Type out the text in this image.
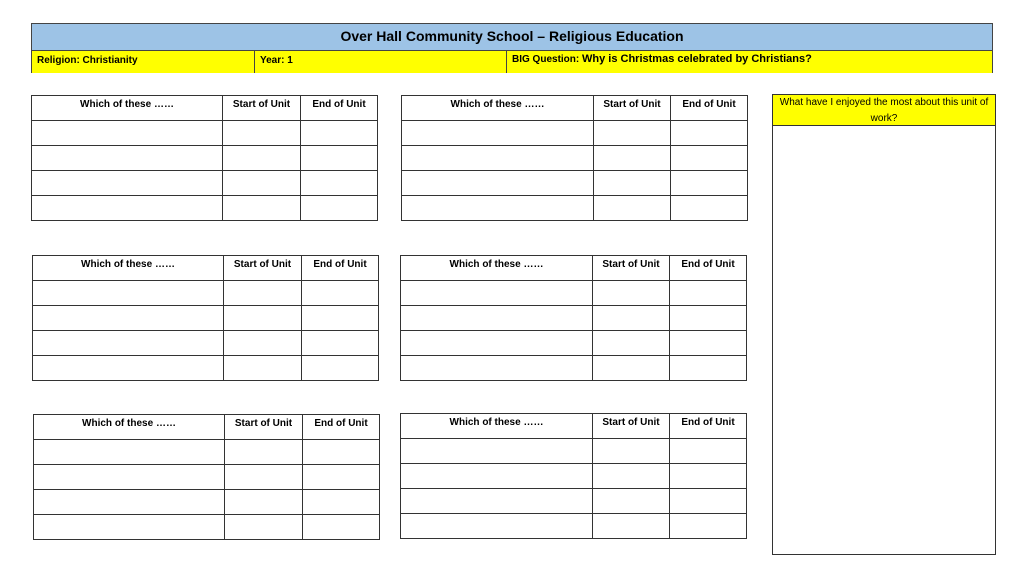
Over Hall Community School – Religious Education
Religion: Christianity	Year: 1	BIG Question: Why is Christmas celebrated by Christians?
Which of these ……	Start of Unit	End of Unit

			Which of these ……	Start of Unit	End of Unit

Which of these ……	Start of Unit	End of Unit

			Which of these ……	Start of Unit	End of Unit

Which of these ……	Start of Unit	End of Unit

			Which of these ……	Start of Unit	End of Unit

What have I enjoyed the most about this unit of work?
